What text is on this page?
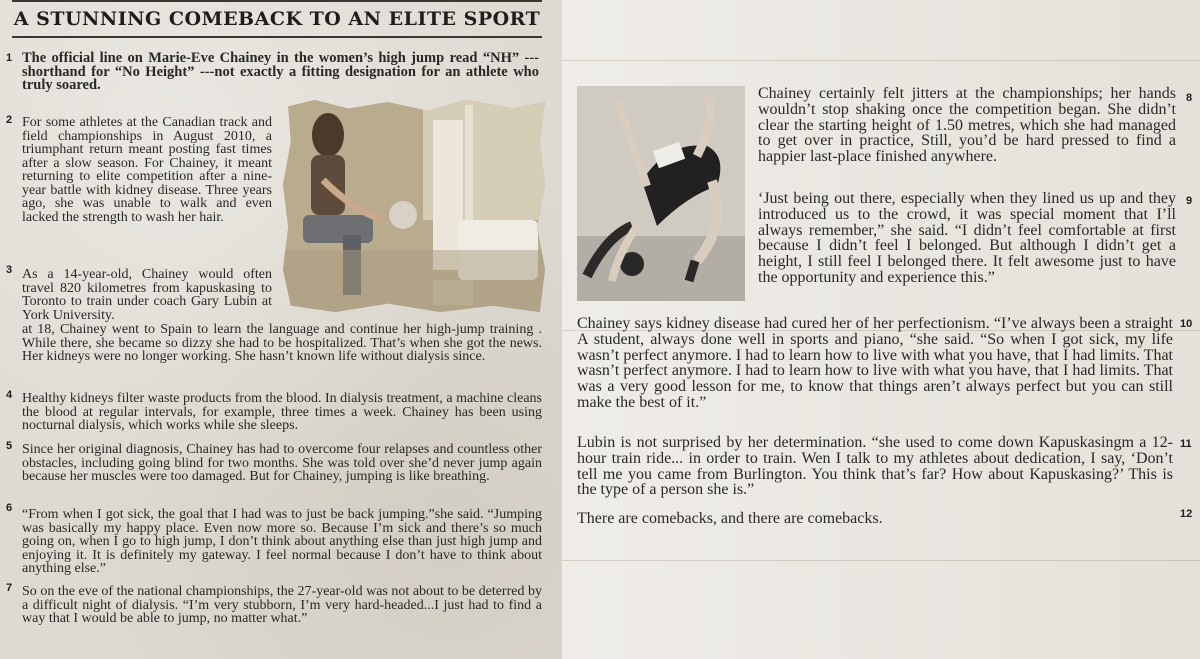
A STUNNING COMEBACK TO AN ELITE SPORT
1 The official line on Marie-Eve Chainey in the women’s high jump read “NH” ---shorthand for “No Height” ---not exactly a fitting designation for an athlete who truly soared.

2 For some athletes at the Canadian track and field championships in August 2010, a triumphant return meant posting fast times after a slow season. For Chainey, it meant returning to elite competition after a nine-year battle with kidney disease. Three years ago, she was unable to walk and even lacked the strength to wash her hair.

3 As a 14-year-old, Chainey would often travel 820 kilometres from kapuskasing to Toronto to train under coach Gary Lubin at York University.

at 18, Chainey went to Spain to learn the language and continue her high-jump training . While there, she became so dizzy she had to be hospitalized. That’s when she got the news. Her kidneys were no longer working. She hasn’t known life without dialysis since.

4 Healthy kidneys filter waste products from the blood. In dialysis treatment, a machine cleans the blood at regular intervals, for example, three times a week. Chainey has been using nocturnal dialysis, which works while she sleeps.

5 Since her original diagnosis, Chainey has had to overcome four relapses and countless other obstacles, including going blind for two months. She was told over she’d never jump again because her muscles were too damaged. But for Chainey, jumping is like breathing.

6 “From when I got sick, the goal that I had was to just be back jumping.”she said. “Jumping was basically my happy place. Even now more so. Because I’m sick and there’s so much going on, when I go to high jump, I don’t think about anything else than just high jump and enjoying it. It is definitely my gateway. I feel normal because I don’t have to think about anything else.”

7 So on the eve of the national championships, the 27-year-old was not about to be deterred by a difficult night of dialysis. “I’m very stubborn, I’m very hard-headed...I just had to find a way that I would be able to jump, no matter what.”

Chainey certainly felt jitters at the championships; her hands wouldn’t stop shaking once the competition began. She didn’t clear the starting height of 1.50 metres, which she had managed to get over in practice, Still, you’d be hard pressed to find a happier last-place finished anywhere.

8

‘Just being out there, especially when they lined us up and they introduced us to the crowd, it was special moment that I’ll always remember,” she said. “I didn’t feel comfortable at first because I didn’t feel I belonged. But although I didn’t get a height, I still feel I belonged there. It felt awesome just to have the opportunity and experience this.”

9

Chainey says kidney disease had cured her of her perfectionism. “I’ve always been a straight A student, always done well in sports and piano, “she said. “So when I got sick, my life wasn’t perfect anymore. I had to learn how to live with what you have, that I had limits. That wasn’t perfect anymore. I had to learn how to live with what you have, that I had limits. That was a very good lesson for me, to know that things aren’t always perfect but you can still make the best of it.”

10

Lubin is not surprised by her determination. “she used to come down Kapuskasingm a 12-hour train ride... in order to train. Wen I talk to my athletes about dedication, I say, ‘Don’t tell me you came from Burlington. You think that’s far? How about Kapuskasing?’ This is the type of a person she is.”

11

There are comebacks, and there are comebacks.	12
